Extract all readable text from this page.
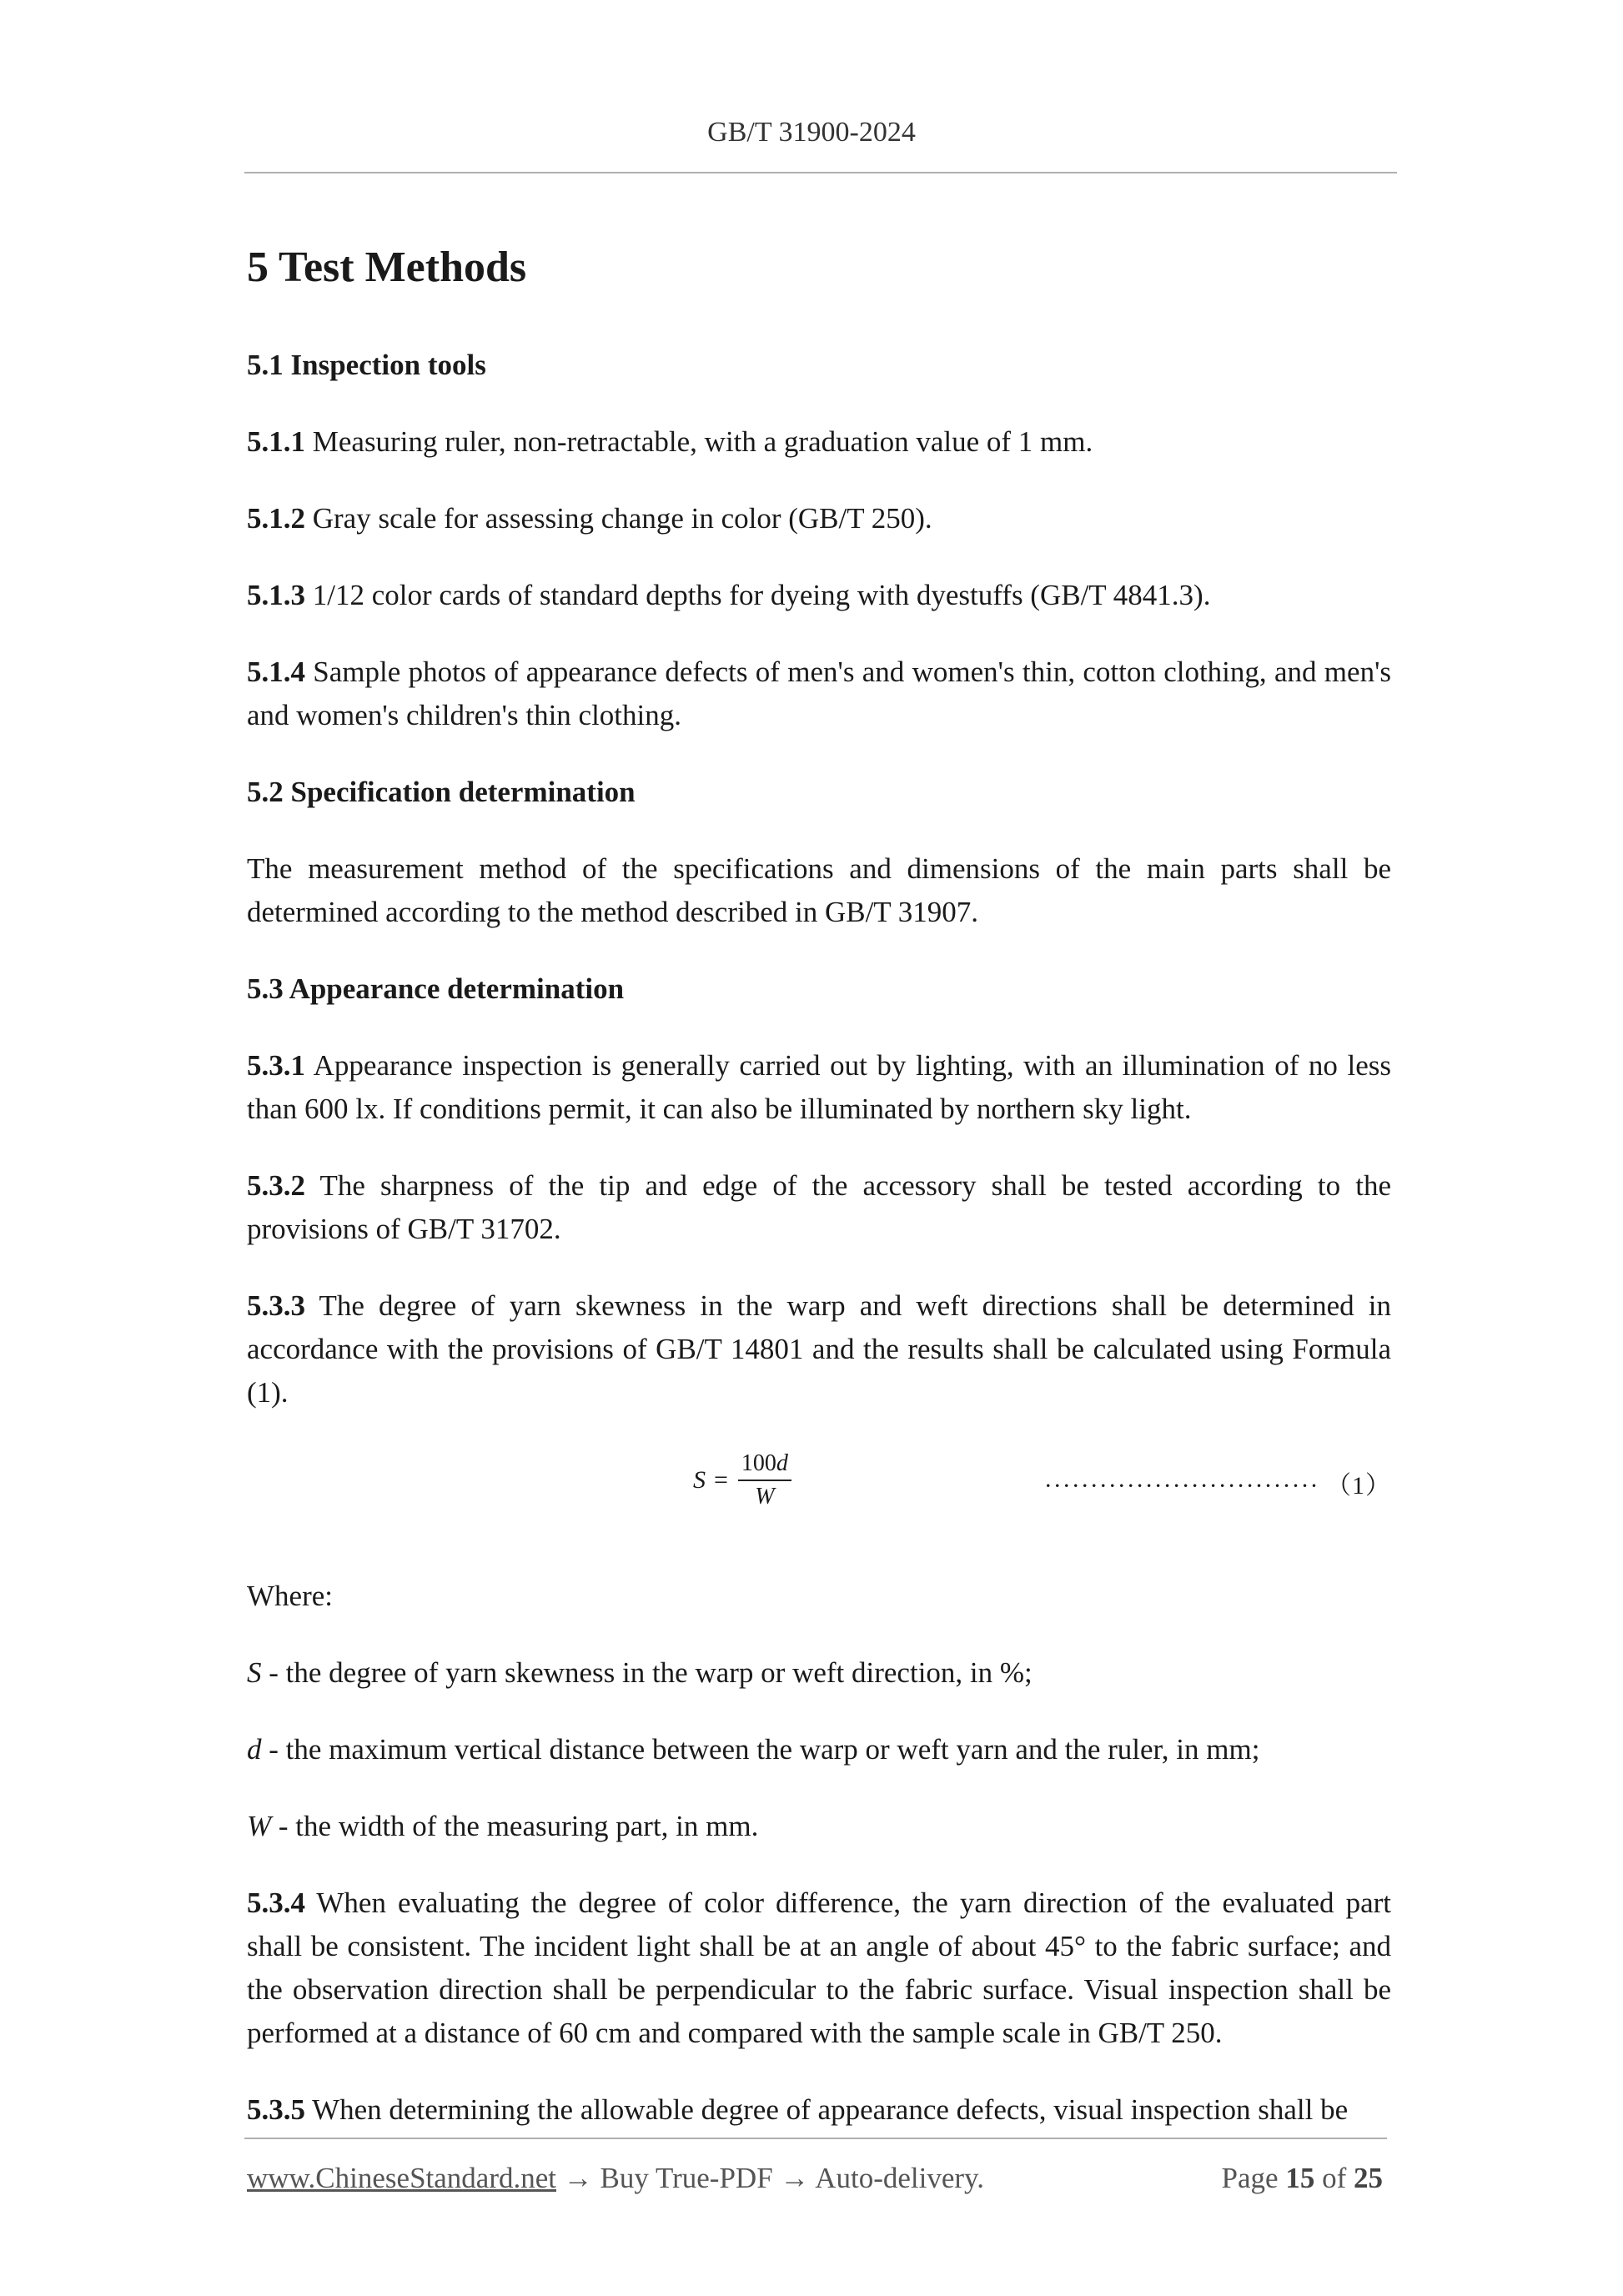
GB/T 31900-2024
5 Test Methods
5.1 Inspection tools

5.1.1 Measuring ruler, non-retractable, with a graduation value of 1 mm.

5.1.2 Gray scale for assessing change in color (GB/T 250).

5.1.3 1/12 color cards of standard depths for dyeing with dyestuffs (GB/T 4841.3).

5.1.4 Sample photos of appearance defects of men's and women's thin, cotton clothing, and men's and women's children's thin clothing.

5.2 Specification determination

The measurement method of the specifications and dimensions of the main parts shall be determined according to the method described in GB/T 31907.

5.3 Appearance determination

5.3.1 Appearance inspection is generally carried out by lighting, with an illumination of no less than 600 lx. If conditions permit, it can also be illuminated by northern sky light.

5.3.2 The sharpness of the tip and edge of the accessory shall be tested according to the provisions of GB/T 31702.

5.3.3 The degree of yarn skewness in the warp and weft directions shall be determined in accordance with the provisions of GB/T 14801 and the results shall be calculated using Formula (1).

$S = \frac{100d}{W}$	······························ （1）

Where:

S - the degree of yarn skewness in the warp or weft direction, in %;

d - the maximum vertical distance between the warp or weft yarn and the ruler, in mm;

W - the width of the measuring part, in mm.

5.3.4 When evaluating the degree of color difference, the yarn direction of the evaluated part shall be consistent. The incident light shall be at an angle of about 45° to the fabric surface; and the observation direction shall be perpendicular to the fabric surface. Visual inspection shall be performed at a distance of 60 cm and compared with the sample scale in GB/T 250.

5.3.5 When determining the allowable degree of appearance defects, visual inspection shall be

www.ChineseStandard.net → Buy True-PDF → Auto-delivery.	Page 15 of 25
